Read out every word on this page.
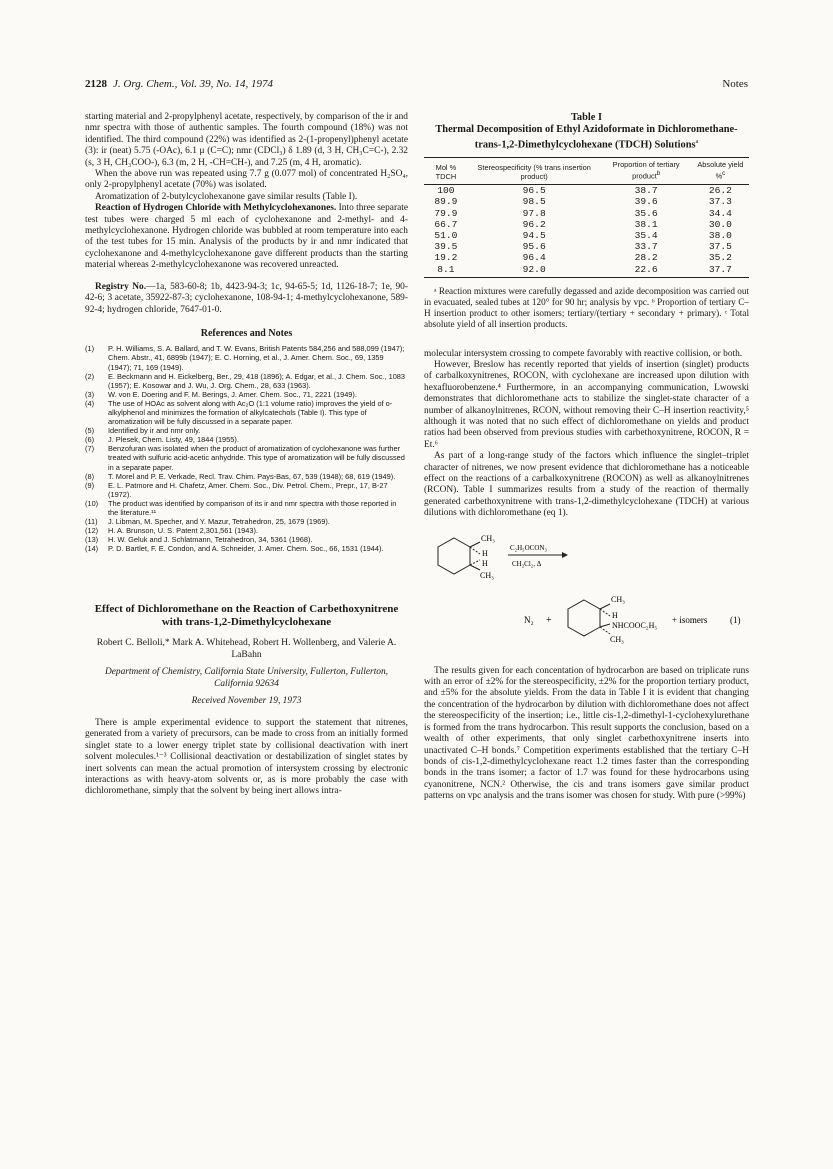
2128 J. Org. Chem., Vol. 39, No. 14, 1974	Notes

starting material and 2-propylphenyl acetate, respectively, by comparison of the ir and nmr spectra with those of authentic samples. The fourth compound (18%) was not identified. The third compound (22%) was identified as 2-(1-propenyl)phenyl acetate (3): ir (neat) 5.75 (-OAc), 6.1 μ (C=C); nmr (CDCl₃) δ 1.89 (d, 3 H, CH₃C=C-), 2.32 (s, 3 H, CH₃COO-), 6.3 (m, 2 H, -CH=CH-), and 7.25 (m, 4 H, aromatic).

When the above run was repeated using 7.7 g (0.077 mol) of concentrated H₂SO₄, only 2-propylphenyl acetate (70%) was isolated.

Aromatization of 2-butylcyclohexanone gave similar results (Table I).

Reaction of Hydrogen Chloride with Methylcyclohexanones. Into three separate test tubes were charged 5 ml each of cyclohexanone and 2-methyl- and 4-methylcyclohexanone. Hydrogen chloride was bubbled at room temperature into each of the test tubes for 15 min. Analysis of the products by ir and nmr indicated that cyclohexanone and 4-methylcyclohexanone gave different products than the starting material whereas 2-methylcyclohexanone was recovered unreacted.

Registry No.—1a, 583-60-8; 1b, 4423-94-3; 1c, 94-65-5; 1d, 1126-18-7; 1e, 90-42-6; 3 acetate, 35922-87-3; cyclohexanone, 108-94-1; 4-methylcyclohexanone, 589-92-4; hydrogen chloride, 7647-01-0.

References and Notes
(1) P. H. Williams, S. A. Ballard, and T. W. Evans, British Patents 584,256 and 588,099 (1947); Chem. Abstr., 41, 6899b (1947); E. C. Horning, et al., J. Amer. Chem. Soc., 69, 1359 (1947); 71, 169 (1949).
(2) E. Beckmann and H. Eickelberg, Ber., 29, 418 (1896); A. Edgar, et al., J. Chem. Soc., 1083 (1957); E. Kosowar and J. Wu, J. Org. Chem., 28, 633 (1963).
(3) W. von E. Doering and F. M. Berings, J. Amer. Chem. Soc., 71, 2221 (1949).
(4) The use of HOAc as solvent along with Ac₂O (1:1 volume ratio) improves the yield of o-alkylphenol and minimizes the formation of alkylcatechols (Table I). This type of aromatization will be fully discussed in a separate paper.
(5) Identified by ir and nmr only.
(6) J. Plesek, Chem. Listy, 49, 1844 (1955).
(7) Benzofuran was isolated when the product of aromatization of cyclohexanone was further treated with sulfuric acid-acetic anhydride. This type of aromatization will be fully discussed in a separate paper.
(8) T. Morel and P. E. Verkade, Recl. Trav. Chim. Pays-Bas, 67, 539 (1948); 68, 619 (1949).
(9) E. L. Patmore and H. Chafetz, Amer. Chem. Soc., Div. Petrol. Chem., Prepr., 17, B-27 (1972).
(10) The product was identified by comparison of its ir and nmr spectra with those reported in the literature.¹¹
(11) J. Libman, M. Specher, and Y. Mazur, Tetrahedron, 25, 1679 (1969).
(12) H. A. Brunson, U. S. Patent 2,301,561 (1943).
(13) H. W. Geluk and J. Schlatmann, Tetrahedron, 34, 5361 (1968).
(14) P. D. Bartlet, F. E. Condon, and A. Schneider, J. Amer. Chem. Soc., 66, 1531 (1944).
Effect of Dichloromethane on the Reaction of Carbethoxynitrene with trans-1,2-Dimethylcyclohexane
Robert C. Belloli,* Mark A. Whitehead, Robert H. Wollenberg, and Valerie A. LaBahn
Department of Chemistry, California State University, Fullerton, Fullerton, California 92634
Received November 19, 1973

There is ample experimental evidence to support the statement that nitrenes, generated from a variety of precursors, can be made to cross from an initially formed singlet state to a lower energy triplet state by collisional deactivation with inert solvent molecules.¹⁻³ Collisional deactivation or destabilization of singlet states by inert solvents can mean the actual promotion of intersystem crossing by electronic interactions as with heavy-atom solvents or, as is more probably the case with dichloromethane, simply that the solvent by being inert allows intra-

Table I
Thermal Decomposition of Ethyl Azidoformate in Dichloromethane-trans-1,2-Dimethylcyclohexane (TDCH) Solutions$^a$
Mol % TDCH	Stereospecificity (% trans insertion product)	Proportion of tertiary product$^b$	Absolute yield %$^c$
100	96.5	38.7	26.2
89.9	98.5	39.6	37.3
79.9	97.8	35.6	34.4
66.7	96.2	38.1	30.0
51.0	94.5	35.4	38.0
39.5	95.6	33.7	37.5
19.2	96.4	28.2	35.2
8.1	92.0	22.6	37.7
ᵃ Reaction mixtures were carefully degassed and azide decomposition was carried out in evacuated, sealed tubes at 120° for 90 hr; analysis by vpc. ᵇ Proportion of tertiary C–H insertion product to other isomers; tertiary/(tertiary + secondary + primary). ᶜ Total absolute yield of all insertion products.

molecular intersystem crossing to compete favorably with reactive collision, or both.

However, Breslow has recently reported that yields of insertion (singlet) products of carbalkoxynitrenes, ROCON, with cyclohexane are increased upon dilution with hexafluorobenzene.⁴ Furthermore, in an accompanying communication, Lwowski demonstrates that dichloromethane acts to stabilize the singlet-state character of a number of alkanoylnitrenes, RCON, without removing their C–H insertion reactivity,⁵ although it was noted that no such effect of dichloromethane on yields and product ratios had been observed from previous studies with carbethoxynitrene, ROCON, R = Et.⁶

As part of a long-range study of the factors which influence the singlet–triplet character of nitrenes, we now present evidence that dichloromethane has a noticeable effect on the reactions of a carbalkoxynitrene (ROCON) as well as alkanoylnitrenes (RCON). Table I summarizes results from a study of the reaction of thermally generated carbethoxynitrene with trans-1,2-dimethylcyclohexane (TDCH) at various dilutions with dichloromethane (eq 1).

CH₃
H
H
CH₃
C₂H₅OCON₃
CH₂Cl₂, Δ
N₂ +
CH₃
H
NHCOOC₂H₅
CH₃
+ isomers	(1)

The results given for each concentation of hydrocarbon are based on triplicate runs with an error of ±2% for the stereospecificity, ±2% for the proportion tertiary product, and ±5% for the absolute yields. From the data in Table I it is evident that changing the concentration of the hydrocarbon by dilution with dichloromethane does not affect the stereospecificity of the insertion; i.e., little cis-1,2-dimethyl-1-cyclohexylurethane is formed from the trans hydrocarbon. This result supports the conclusion, based on a wealth of other experiments, that only singlet carbethoxynitrene inserts into unactivated C–H bonds.⁷ Competition experiments established that the tertiary C–H bonds of cis-1,2-dimethylcyclohexane react 1.2 times faster than the corresponding bonds in the trans isomer; a factor of 1.7 was found for these hydrocarbons using cyanonitrene, NCN.² Otherwise, the cis and trans isomers gave similar product patterns on vpc analysis and the trans isomer was chosen for study. With pure (>99%)
